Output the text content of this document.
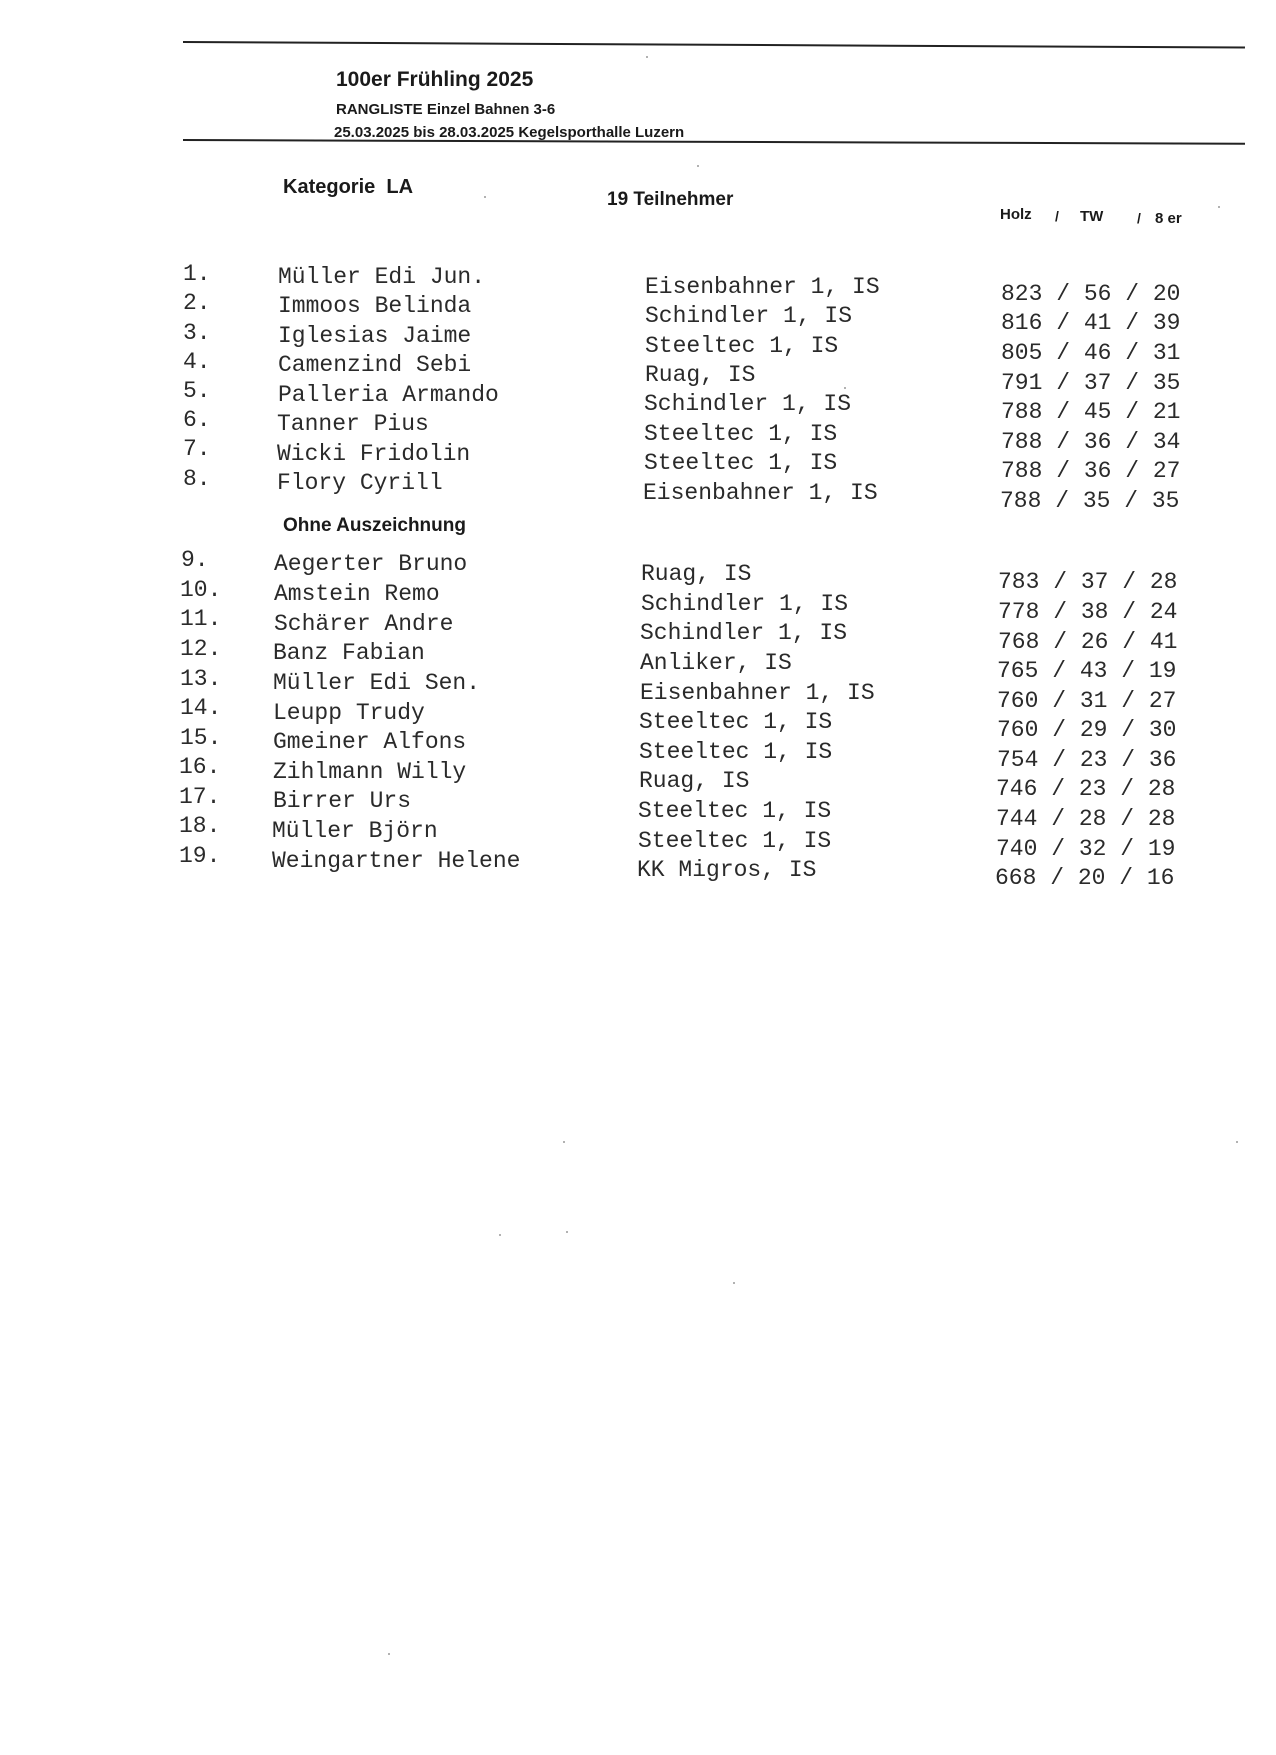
100er Frühling 2025
RANGLISTE Einzel Bahnen 3-6
25.03.2025 bis 28.03.2025 Kegelsporthalle Luzern
Kategorie  LA
19 Teilnehmer
Holz / TW / 8 er
Ohne Auszeichnung
1.	Müller Edi Jun.	Eisenbahner 1, IS	823 / 56 / 20
2.	Immoos Belinda	Schindler 1, IS	816 / 41 / 39
3.	Iglesias Jaime	Steeltec 1, IS	805 / 46 / 31
4.	Camenzind Sebi	Ruag, IS	791 / 37 / 35
5.	Palleria Armando	Schindler 1, IS	788 / 45 / 21
6.	Tanner Pius	Steeltec 1, IS	788 / 36 / 34
7.	Wicki Fridolin	Steeltec 1, IS	788 / 36 / 27
8.	Flory Cyrill	Eisenbahner 1, IS	788 / 35 / 35
9.	Aegerter Bruno	Ruag, IS	783 / 37 / 28
10.	Amstein Remo	Schindler 1, IS	778 / 38 / 24
11.	Schärer Andre	Schindler 1, IS	768 / 26 / 41
12.	Banz Fabian	Anliker, IS	765 / 43 / 19
13.	Müller Edi Sen.	Eisenbahner 1, IS	760 / 31 / 27
14.	Leupp Trudy	Steeltec 1, IS	760 / 29 / 30
15.	Gmeiner Alfons	Steeltec 1, IS	754 / 23 / 36
16.	Zihlmann Willy	Ruag, IS	746 / 23 / 28
17.	Birrer Urs	Steeltec 1, IS	744 / 28 / 28
18.	Müller Björn	Steeltec 1, IS	740 / 32 / 19
19.	Weingartner Helene	KK Migros, IS	668 / 20 / 16
